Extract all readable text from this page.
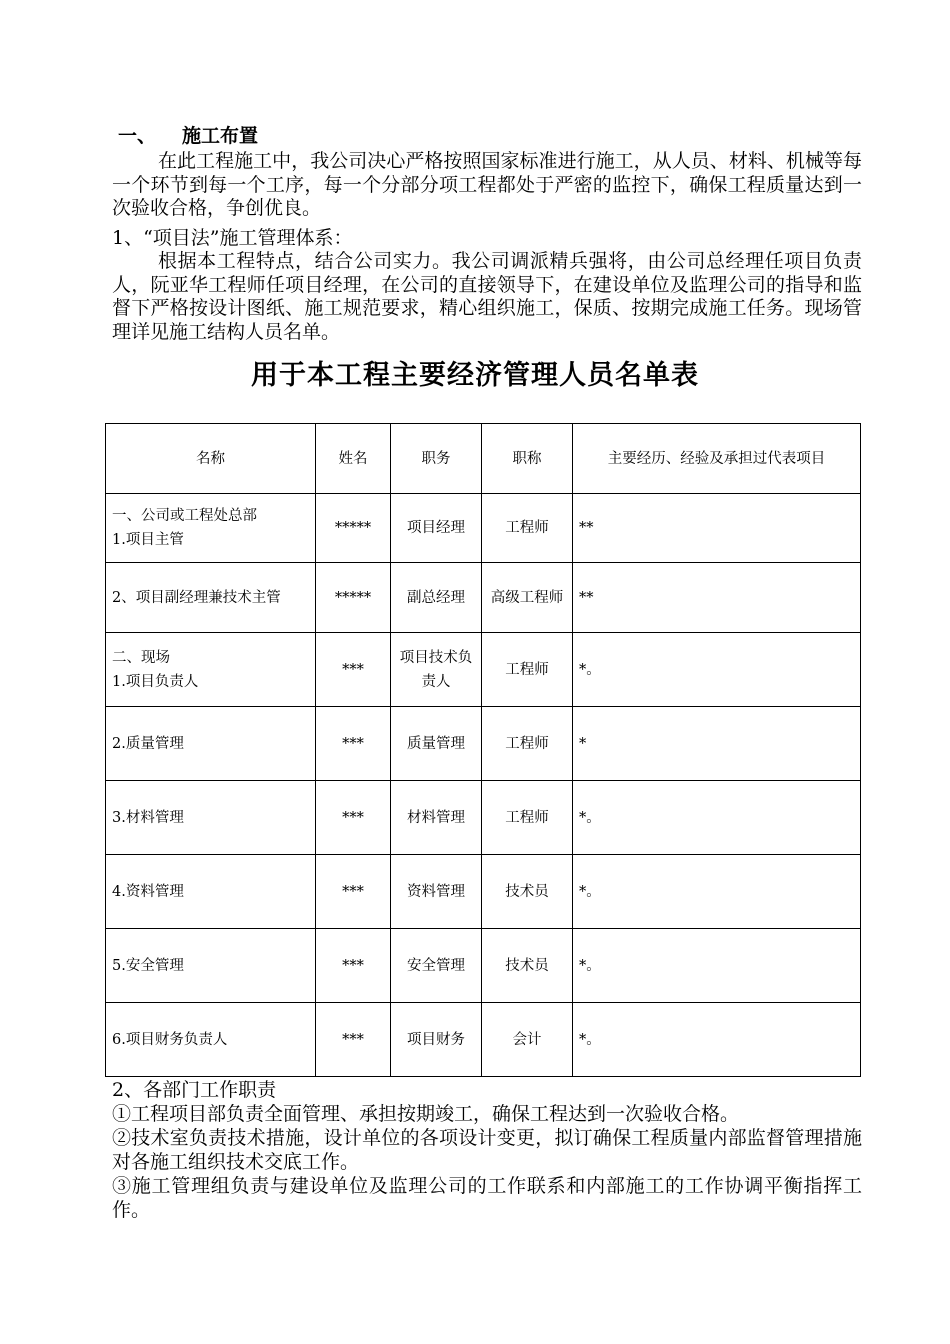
一、 施工布置
在此工程施工中，我公司决心严格按照国家标准进行施工，从人员、材料、机械等每一个环节到每一个工序，每一个分部分项工程都处于严密的监控下，确保工程质量达到一次验收合格，争创优良。
1、“项目法”施工管理体系：
根据本工程特点，结合公司实力。我公司调派精兵强将，由公司总经理任项目负责人，阮亚华工程师任项目经理，在公司的直接领导下，在建设单位及监理公司的指导和监督下严格按设计图纸、施工规范要求，精心组织施工，保质、按期完成施工任务。现场管理详见施工结构人员名单。
用于本工程主要经济管理人员名单表
名称	姓名	职务	职称	主要经历、经验及承担过代表项目

一、公司或工程处总部
1.项目主管	*****	项目经理	工程师	**

2、项目副经理兼技术主管	*****	副总经理	高级工程师	**

二、现场
1.项目负责人	***	项目技术负责人	工程师	*。
2.质量管理	***	质量管理	工程师	*
3.材料管理	***	材料管理	工程师	*。
4.资料管理	***	资料管理	技术员	*。
5.安全管理	***	安全管理	技术员	*。
6.项目财务负责人	***	项目财务	会计	*。
2、各部门工作职责
①工程项目部负责全面管理、承担按期竣工，确保工程达到一次验收合格。
②技术室负责技术措施，设计单位的各项设计变更，拟订确保工程质量内部监督管理措施对各施工组织技术交底工作。
③施工管理组负责与建设单位及监理公司的工作联系和内部施工的工作协调平衡指挥工作。
